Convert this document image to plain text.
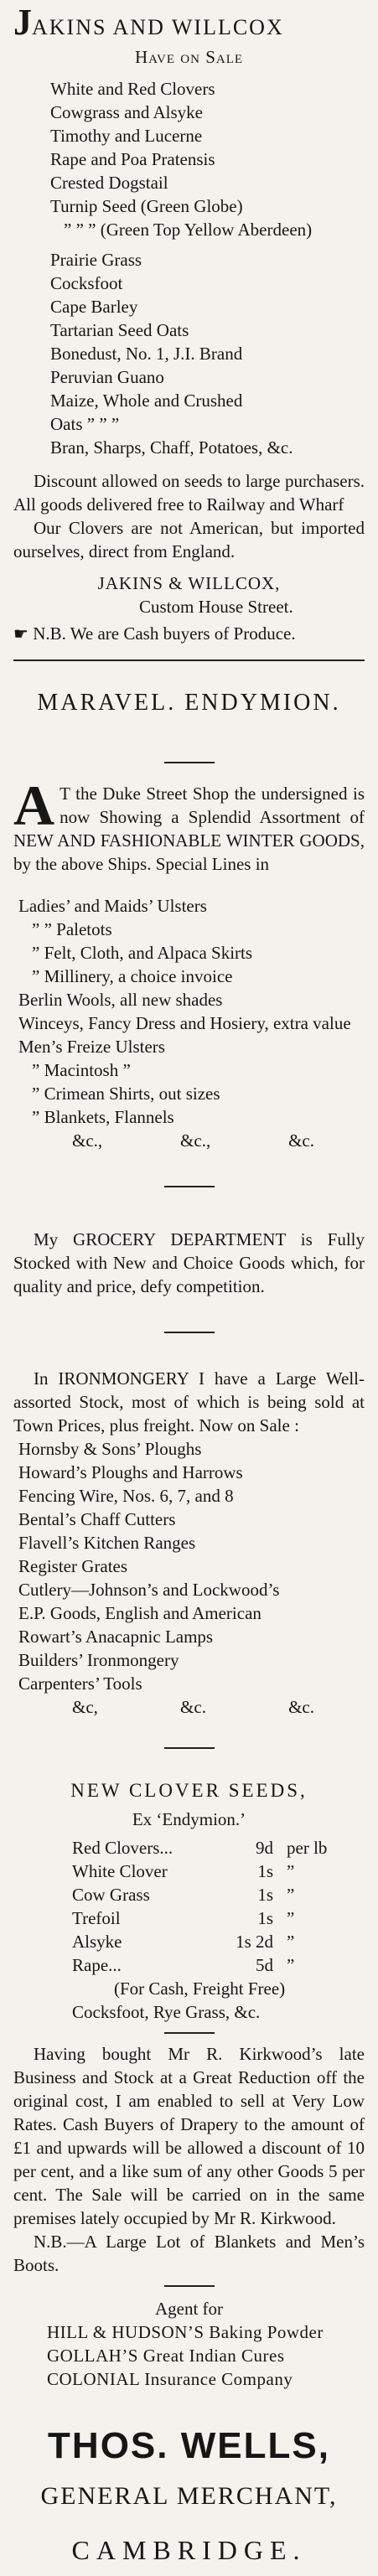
JAKINS AND WILLCOX
Have on Sale
White and Red Clovers
Cowgrass and Alsyke
Timothy and Lucerne
Rape and Poa Pratensis
Crested Dogstail
Turnip Seed (Green Globe)
” ” ” (Green Top Yellow Aberdeen)
Prairie Grass
Cocksfoot
Cape Barley
Tartarian Seed Oats
Bonedust, No. 1, J.I. Brand
Peruvian Guano
Maize, Whole and Crushed
Oats ” ” ”
Bran, Sharps, Chaff, Potatoes, &c.
Discount allowed on seeds to large purchasers. All goods delivered free to Railway and Wharf
Our Clovers are not American, but imported ourselves, direct from England.
JAKINS & WILLCOX,
Custom House Street.
☛ N.B. We are Cash buyers of Produce.
MARAVEL. ENDYMION.
A T the Duke Street Shop the undersigned is now Showing a Splendid Assortment of NEW AND FASHIONABLE WINTER GOODS, by the above Ships. Special Lines in
Ladies’ and Maids’ Ulsters
” ” Paletots
” Felt, Cloth, and Alpaca Skirts
” Millinery, a choice invoice
Berlin Wools, all new shades
Winceys, Fancy Dress and Hosiery, extra value
Men’s Freize Ulsters
” Macintosh ”
” Crimean Shirts, out sizes
” Blankets, Flannels
&c.,	&c.,	&c.
My GROCERY DEPARTMENT is Fully Stocked with New and Choice Goods which, for quality and price, defy competition.
In IRONMONGERY I have a Large Well-assorted Stock, most of which is being sold at Town Prices, plus freight. Now on Sale :
Hornsby & Sons’ Ploughs
Howard’s Ploughs and Harrows
Fencing Wire, Nos. 6, 7, and 8
Bental’s Chaff Cutters
Flavell’s Kitchen Ranges
Register Grates
Cutlery—Johnson’s and Lockwood’s
E.P. Goods, English and American
Rowart’s Anacapnic Lamps
Builders’ Ironmongery
Carpenters’ Tools
&c,	&c.	&c.
NEW CLOVER SEEDS,
Ex ‘Endymion.’
Red Clovers...	9d per lb
White Clover	1s ”
Cow Grass	1s ”
Trefoil	1s ”
Alsyke	1s 2d ”
Rape...	5d ”
(For Cash, Freight Free)
Cocksfoot, Rye Grass, &c.
Having bought Mr R. Kirkwood’s late Business and Stock at a Great Reduction off the original cost, I am enabled to sell at Very Low Rates. Cash Buyers of Drapery to the amount of £1 and upwards will be allowed a discount of 10 per cent, and a like sum of any other Goods 5 per cent. The Sale will be carried on in the same premises lately occupied by Mr R. Kirkwood.
N.B.—A Large Lot of Blankets and Men’s Boots.
Agent for
HILL & HUDSON’S Baking Powder
GOLLAH’S Great Indian Cures
COLONIAL Insurance Company
THOS. WELLS,
GENERAL MERCHANT,
CAMBRIDGE.
